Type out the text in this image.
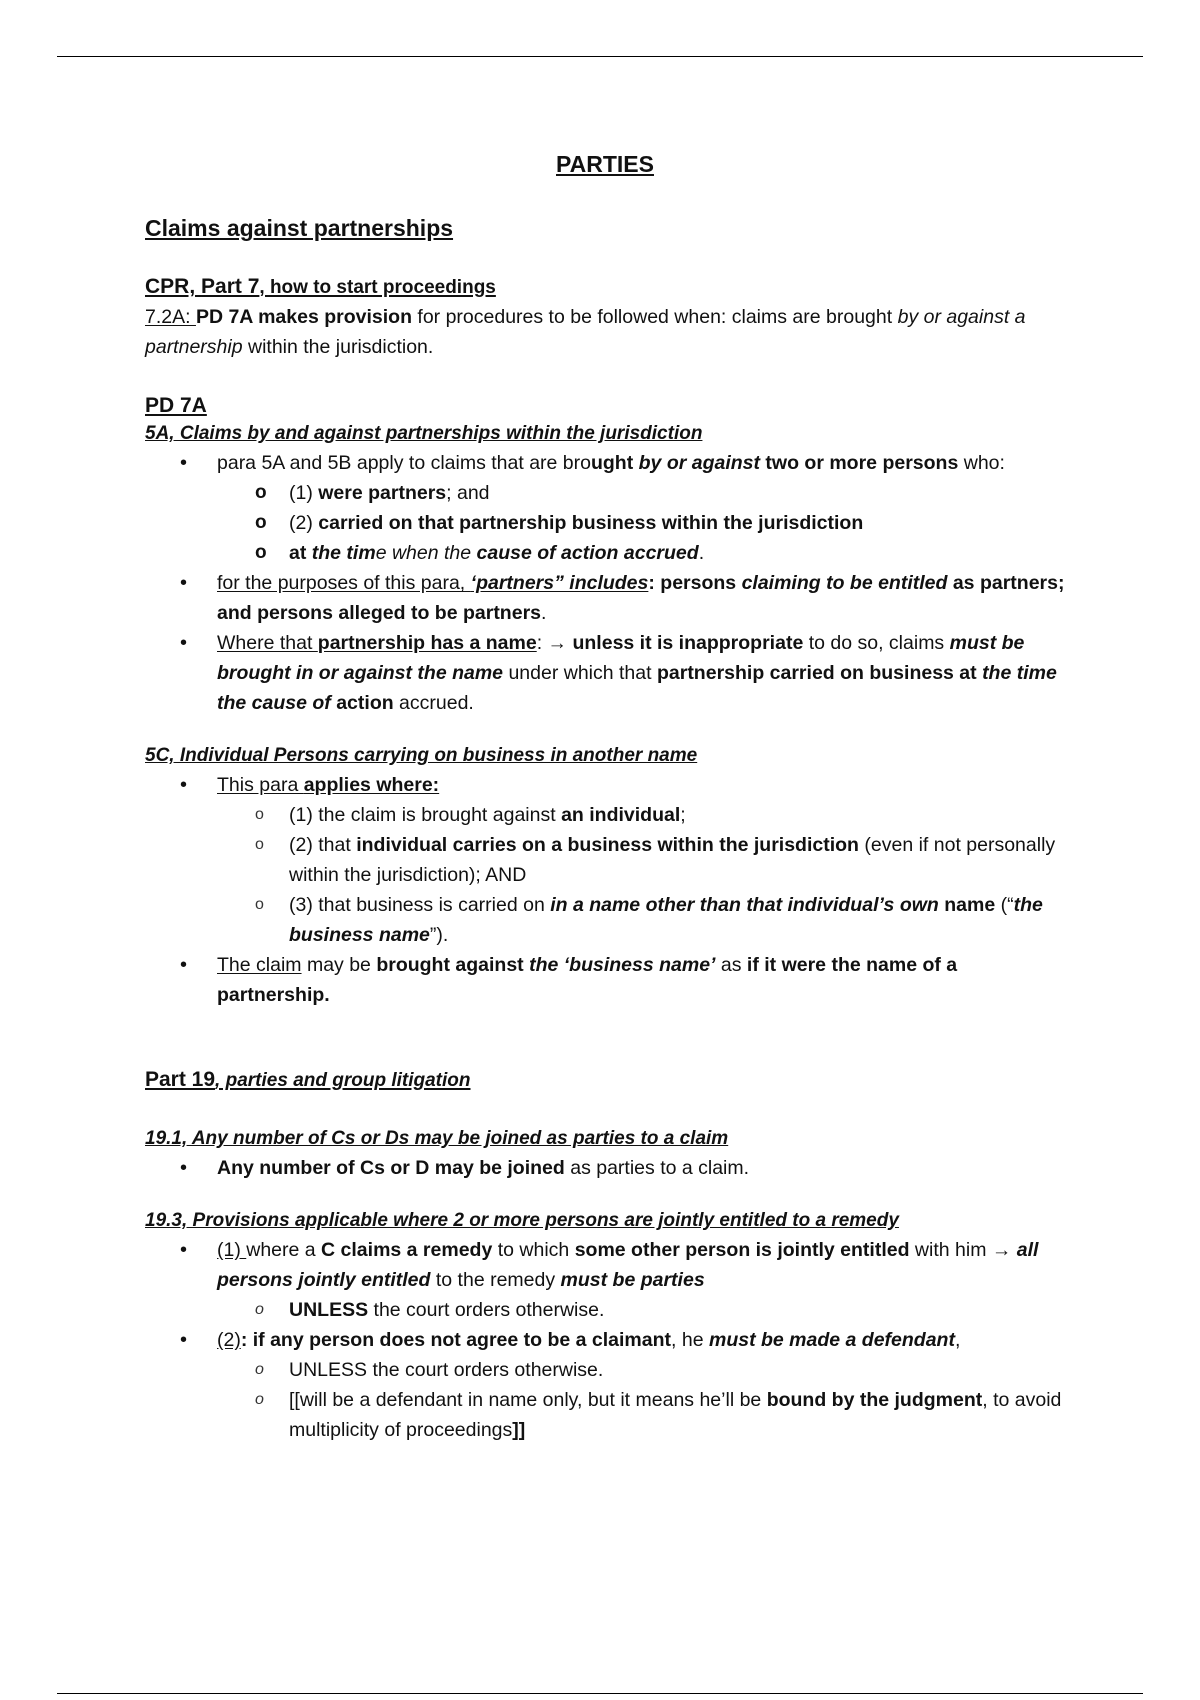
PARTIES
Claims against partnerships
CPR, Part 7, how to start proceedings

7.2A: PD 7A makes provision for procedures to be followed when: claims are brought by or against a partnership within the jurisdiction.

PD 7A
5A, Claims by and against partnerships within the jurisdiction
• para 5A and 5B apply to claims that are brought by or against two or more persons who:
o (1) were partners; and
o (2) carried on that partnership business within the jurisdiction
o at the time when the cause of action accrued.
• for the purposes of this para, ‘partners” includes: persons claiming to be entitled as partners; and persons alleged to be partners.
• Where that partnership has a name: → unless it is inappropriate to do so, claims must be brought in or against the name under which that partnership carried on business at the time the cause of action accrued.
5C, Individual Persons carrying on business in another name
• This para applies where:
o (1) the claim is brought against an individual;
o (2) that individual carries on a business within the jurisdiction (even if not personally within the jurisdiction); AND
o (3) that business is carried on in a name other than that individual’s own name (“the business name”).
• The claim may be brought against the ‘business name’ as if it were the name of a partnership.
Part 19, parties and group litigation
19.1, Any number of Cs or Ds may be joined as parties to a claim
• Any number of Cs or D may be joined as parties to a claim.
19.3, Provisions applicable where 2 or more persons are jointly entitled to a remedy
• (1) where a C claims a remedy to which some other person is jointly entitled with him → all persons jointly entitled to the remedy must be parties
o UNLESS the court orders otherwise.
• (2): if any person does not agree to be a claimant, he must be made a defendant,
o UNLESS the court orders otherwise.
o [[will be a defendant in name only, but it means he’ll be bound by the judgment, to avoid multiplicity of proceedings]]
